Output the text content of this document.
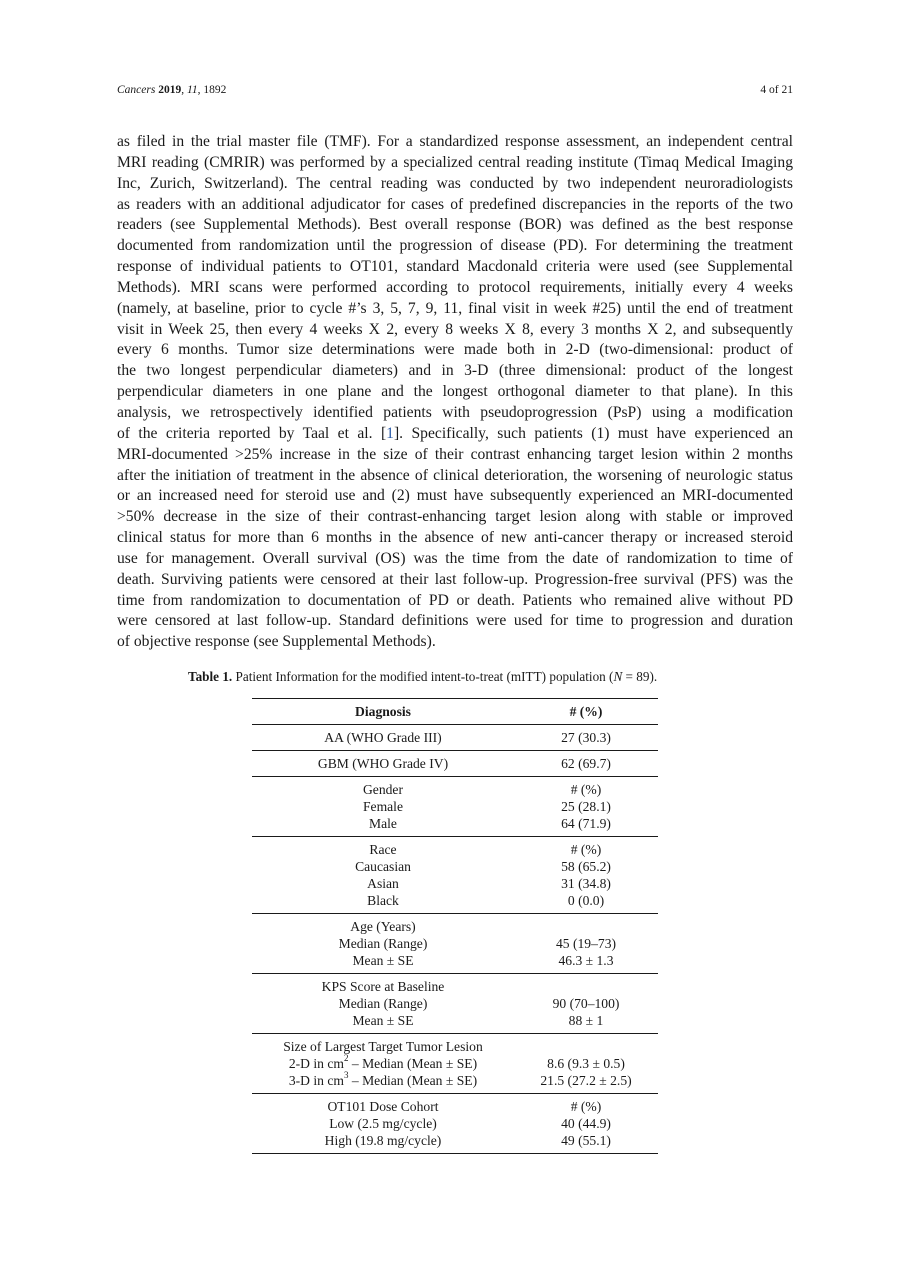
Cancers 2019, 11, 1892	4 of 21
as filed in the trial master file (TMF). For a standardized response assessment, an independent central
MRI reading (CMRIR) was performed by a specialized central reading institute (Timaq Medical Imaging
Inc, Zurich, Switzerland). The central reading was conducted by two independent neuroradiologists
as readers with an additional adjudicator for cases of predefined discrepancies in the reports of the two
readers (see Supplemental Methods). Best overall response (BOR) was defined as the best response
documented from randomization until the progression of disease (PD). For determining the treatment
response of individual patients to OT101, standard Macdonald criteria were used (see Supplemental
Methods). MRI scans were performed according to protocol requirements, initially every 4 weeks
(namely, at baseline, prior to cycle #’s 3, 5, 7, 9, 11, final visit in week #25) until the end of treatment
visit in Week 25, then every 4 weeks X 2, every 8 weeks X 8, every 3 months X 2, and subsequently
every 6 months. Tumor size determinations were made both in 2-D (two-dimensional: product of
the two longest perpendicular diameters) and in 3-D (three dimensional: product of the longest
perpendicular diameters in one plane and the longest orthogonal diameter to that plane). In this
analysis, we retrospectively identified patients with pseudoprogression (PsP) using a modification
of the criteria reported by Taal et al. [1]. Specifically, such patients (1) must have experienced an
MRI-documented >25% increase in the size of their contrast enhancing target lesion within 2 months
after the initiation of treatment in the absence of clinical deterioration, the worsening of neurologic status
or an increased need for steroid use and (2) must have subsequently experienced an MRI-documented
>50% decrease in the size of their contrast-enhancing target lesion along with stable or improved
clinical status for more than 6 months in the absence of new anti-cancer therapy or increased steroid
use for management. Overall survival (OS) was the time from the date of randomization to time of
death. Surviving patients were censored at their last follow-up. Progression-free survival (PFS) was the
time from randomization to documentation of PD or death. Patients who remained alive without PD
were censored at last follow-up. Standard definitions were used for time to progression and duration
of objective response (see Supplemental Methods).
Table 1. Patient Information for the modified intent-to-treat (mITT) population (N = 89).
Diagnosis	# (%)
AA (WHO Grade III)	27 (30.3)
GBM (WHO Grade IV)	62 (69.7)
Gender	# (%)
Female	25 (28.1)
Male	64 (71.9)
Race	# (%)
Caucasian	58 (65.2)
Asian	31 (34.8)
Black	0 (0.0)
Age (Years)	
Median (Range)	45 (19–73)
Mean ± SE	46.3 ± 1.3
KPS Score at Baseline	
Median (Range)	90 (70–100)
Mean ± SE	88 ± 1
Size of Largest Target Tumor Lesion	
2-D in $cm^2$ – Median (Mean ± SE)	8.6 (9.3 ± 0.5)
3-D in $cm^3$ – Median (Mean ± SE)	21.5 (27.2 ± 2.5)
OT101 Dose Cohort	# (%)
Low (2.5 mg/cycle)	40 (44.9)
High (19.8 mg/cycle)	49 (55.1)
